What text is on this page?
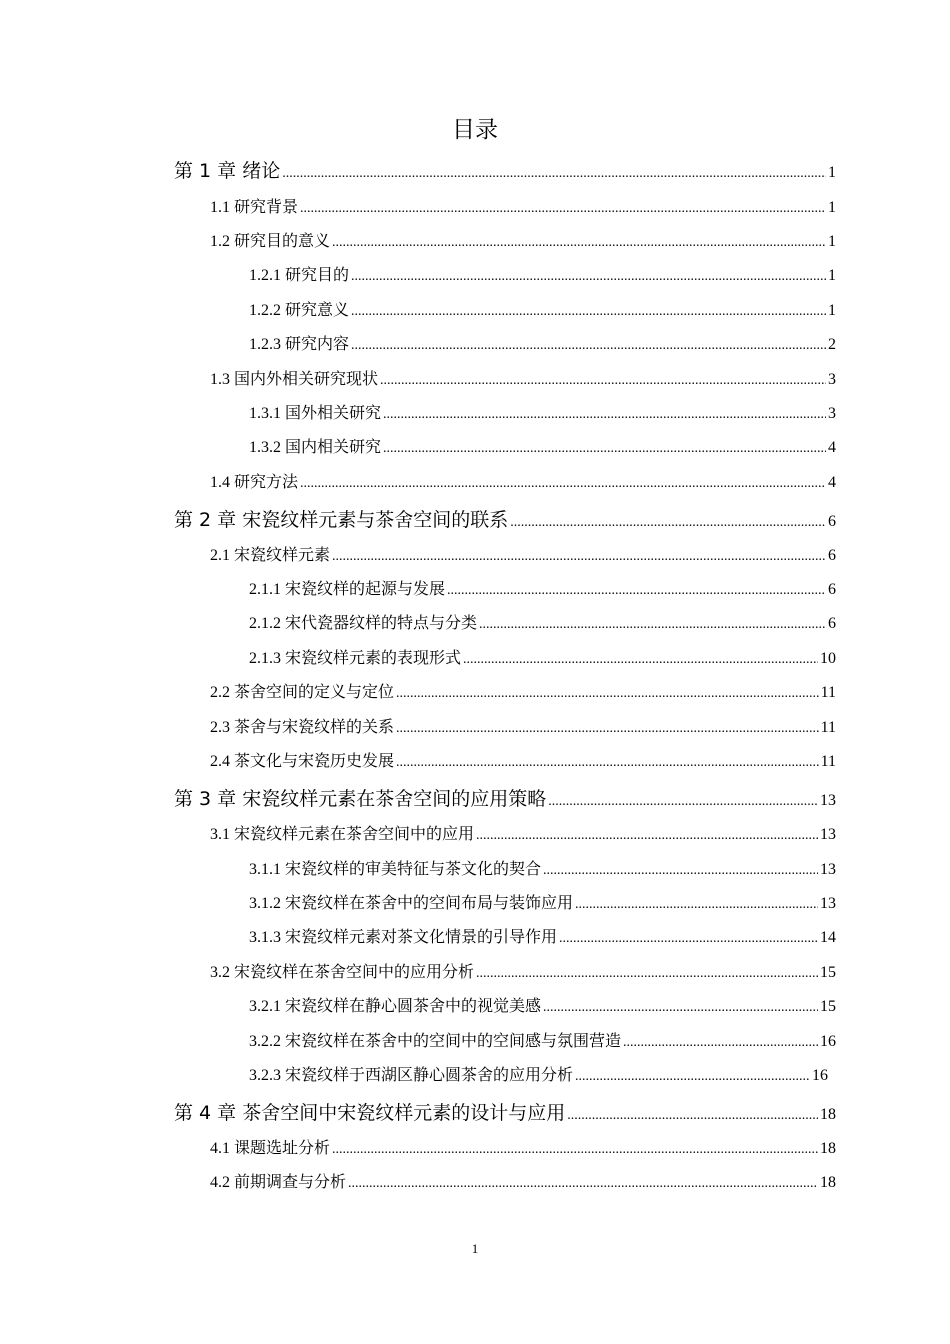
目录
第 1 章 绪论 .....	1
1.1 研究背景 .....	1
1.2 研究目的意义 .....	1
1.2.1 研究目的 .....	1
1.2.2 研究意义 .....	1
1.2.3 研究内容 .....	2
1.3 国内外相关研究现状 .....	3
1.3.1 国外相关研究 .....	3
1.3.2 国内相关研究 .....	4
1.4 研究方法 .....	4
第 2 章 宋瓷纹样元素与茶舍空间的联系 .....	6
2.1 宋瓷纹样元素 .....	6
2.1.1 宋瓷纹样的起源与发展 .....	6
2.1.2 宋代瓷器纹样的特点与分类 .....	6
2.1.3 宋瓷纹样元素的表现形式 .....	10
2.2 茶舍空间的定义与定位 .....	11
2.3 茶舍与宋瓷纹样的关系 .....	11
2.4 茶文化与宋瓷历史发展 .....	11
第 3 章 宋瓷纹样元素在茶舍空间的应用策略 .....	13
3.1 宋瓷纹样元素在茶舍空间中的应用 .....	13
3.1.1 宋瓷纹样的审美特征与茶文化的契合 .....	13
3.1.2 宋瓷纹样在茶舍中的空间布局与装饰应用 .....	13
3.1.3 宋瓷纹样元素对茶文化情景的引导作用 .....	14
3.2 宋瓷纹样在茶舍空间中的应用分析 .....	15
3.2.1 宋瓷纹样在静心圆茶舍中的视觉美感 .....	15
3.2.2 宋瓷纹样在茶舍中的空间中的空间感与氛围营造 .....	16
3.2.3 宋瓷纹样于西湖区静心圆茶舍的应用分析 .....	16
第 4 章 茶舍空间中宋瓷纹样元素的设计与应用 .....	18
4.1 课题选址分析 .....	18
4.2 前期调查与分析 .....	18
1
